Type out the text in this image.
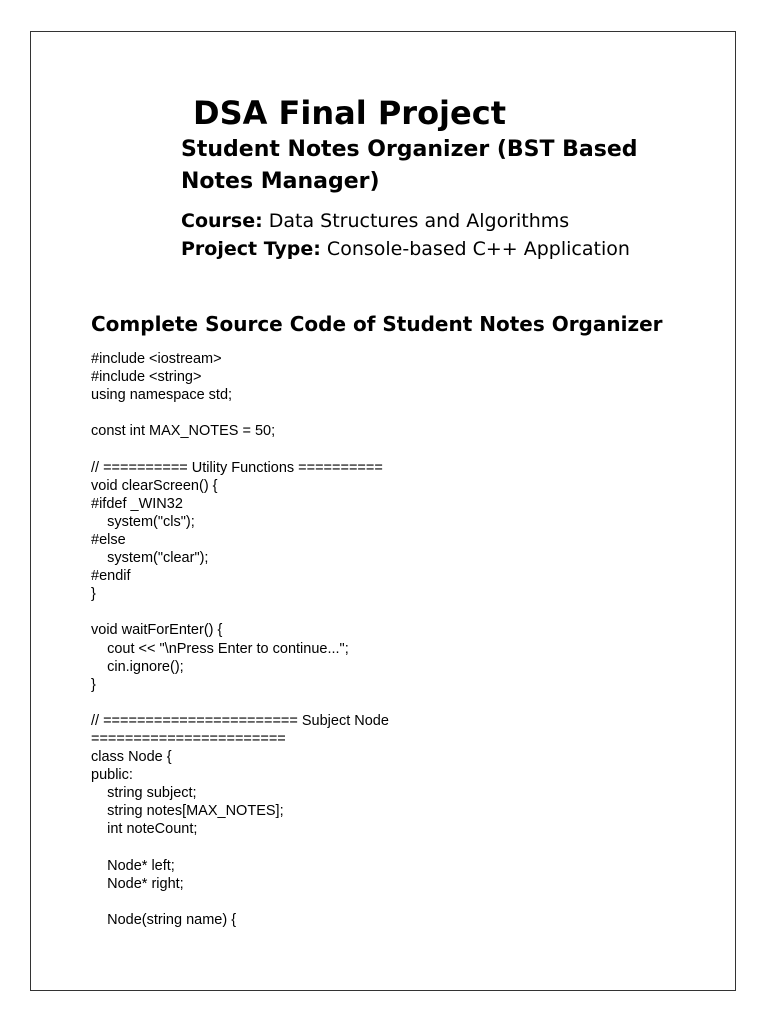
DSA Final Project
Student Notes Organizer (BST Based Notes Manager)
Course: Data Structures and Algorithms
Project Type: Console-based C++ Application
Complete Source Code of Student Notes Organizer
#include <iostream>
#include <string>
using namespace std;
const int MAX_NOTES = 50;
// ========== Utility Functions ==========
void clearScreen() {
#ifdef _WIN32
system("cls");
#else
system("clear");
#endif
}
void waitForEnter() {
cout << "\nPress Enter to continue...";
cin.ignore();
}
// ======================= Subject Node
=======================
class Node {
public:
string subject;
string notes[MAX_NOTES];
int noteCount;
Node* left;
Node* right;
Node(string name) {
